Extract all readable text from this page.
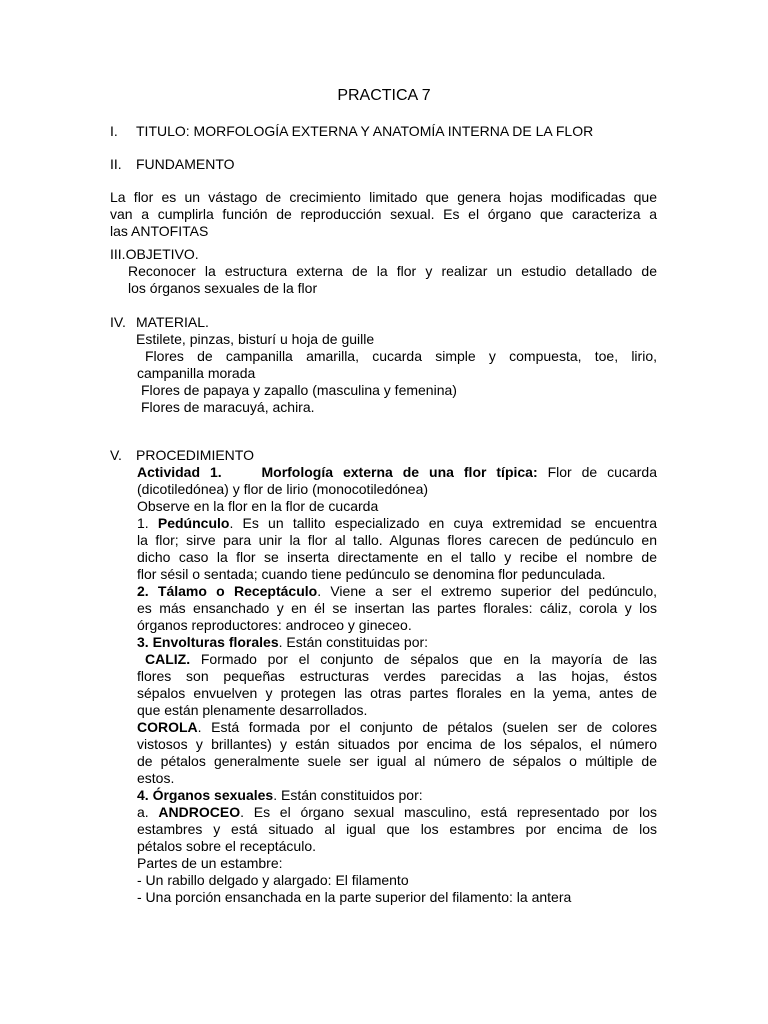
PRACTICA 7
I. TITULO: MORFOLOGÍA EXTERNA Y ANATOMÍA INTERNA DE LA FLOR
II. FUNDAMENTO

La flor es un vástago de crecimiento limitado que genera hojas modificadas que

van a cumplirla función de reproducción sexual. Es el órgano que caracteriza a

las ANTOFITAS

III.OBJETIVO.

Reconocer la estructura externa de la flor y realizar un estudio detallado de

los órganos sexuales de la flor

IV. MATERIAL.
Estilete, pinzas, bisturí u hoja de guille

Flores de campanilla amarilla, cucarda simple y compuesta, toe, lirio,

campanilla morada
Flores de papaya y zapallo (masculina y femenina)
Flores de maracuyá, achira.
V. PROCEDIMIENTO

Actividad 1.	Morfología externa de una flor típica: Flor de cucarda

(dicotiledónea) y flor de lirio (monocotiledónea)

Observe en la flor en la flor de cucarda

1. Pedúnculo. Es un tallito especializado en cuya extremidad se encuentra

la flor; sirve para unir la flor al tallo. Algunas flores carecen de pedúnculo en

dicho caso la flor se inserta directamente en el tallo y recibe el nombre de

flor sésil o sentada; cuando tiene pedúnculo se denomina flor pedunculada.

2. Tálamo o Receptáculo. Viene a ser el extremo superior del pedúnculo,

es más ensanchado y en él se insertan las partes florales: cáliz, corola y los

órganos reproductores: androceo y gineceo.

3. Envolturas florales. Están constituidas por:

CALIZ. Formado por el conjunto de sépalos que en la mayoría de las

flores son pequeñas estructuras verdes parecidas a las hojas, éstos

sépalos envuelven y protegen las otras partes florales en la yema, antes de

que están plenamente desarrollados.

COROLA. Está formada por el conjunto de pétalos (suelen ser de colores

vistosos y brillantes) y están situados por encima de los sépalos, el número

de pétalos generalmente suele ser igual al número de sépalos o múltiple de

estos.

4. Órganos sexuales. Están constituidos por:

a. ANDROCEO. Es el órgano sexual masculino, está representado por los

estambres y está situado al igual que los estambres por encima de los

pétalos sobre el receptáculo.

Partes de un estambre:

- Un rabillo delgado y alargado: El filamento

- Una porción ensanchada en la parte superior del filamento: la antera
